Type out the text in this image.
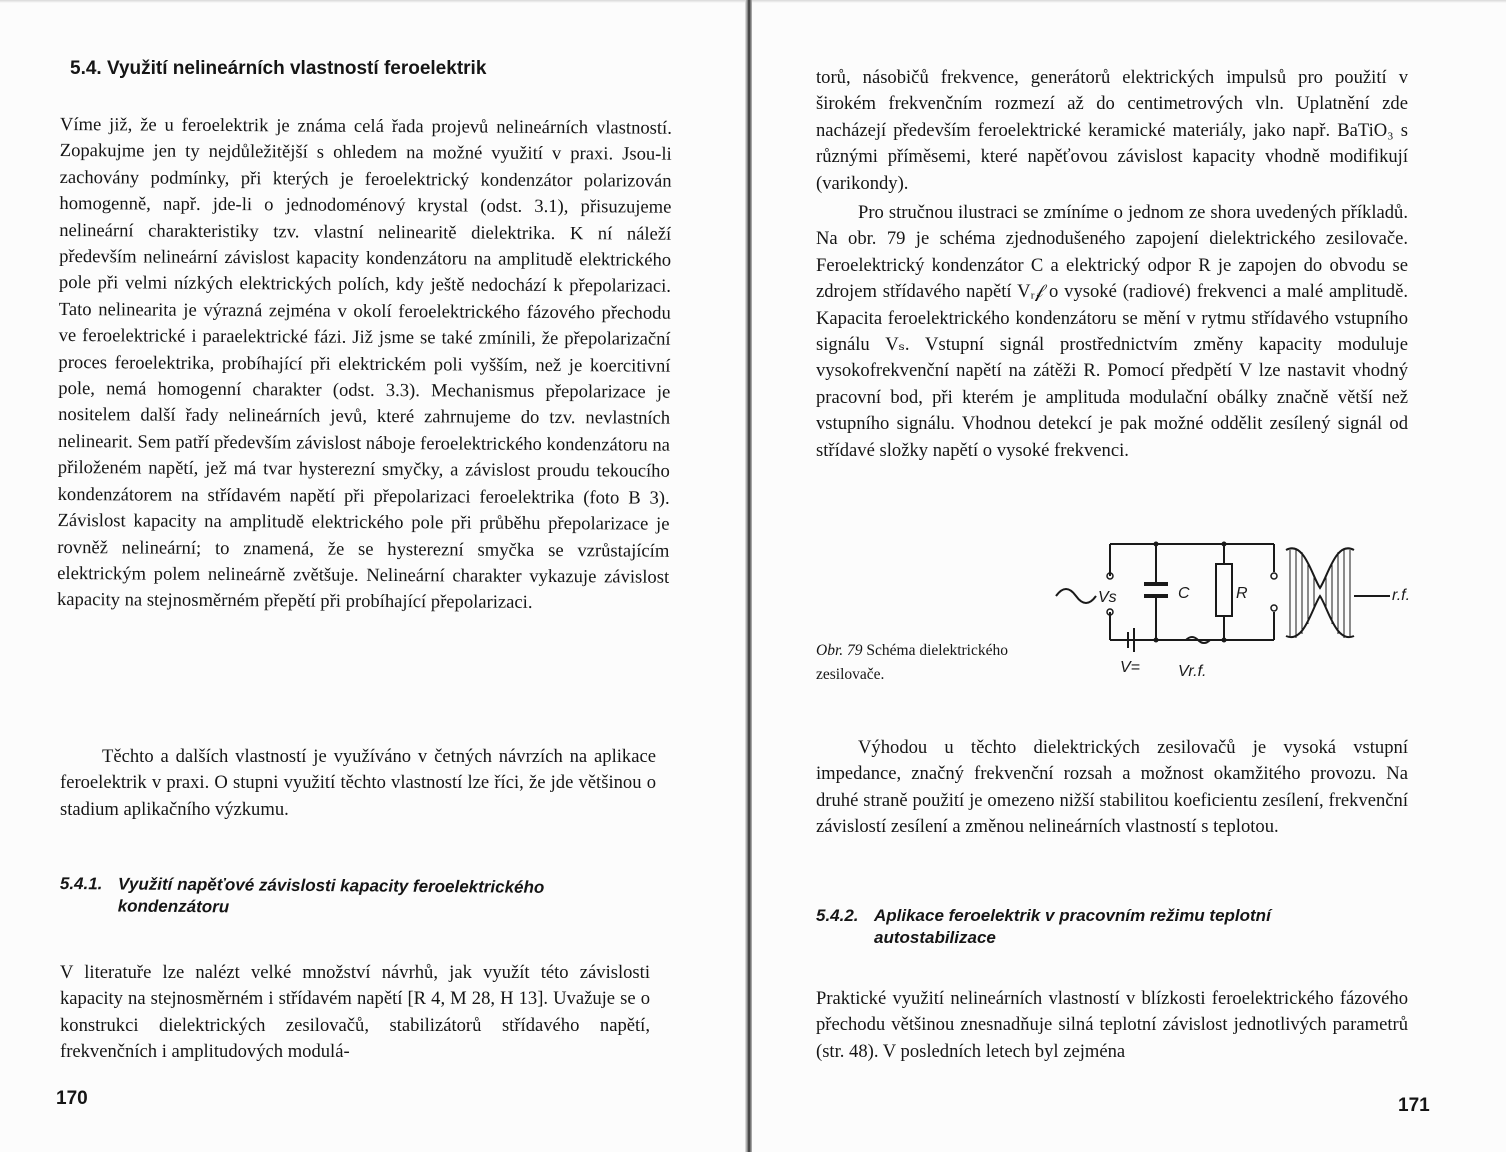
5.4. Využití nelineárních vlastností feroelektrik

Víme již, že u feroelektrik je známa celá řada projevů nelineárních vlastností. Zopakujme jen ty nejdůležitější s ohledem na možné využití v praxi. Jsou-li zachovány podmínky, při kterých je feroelektrický kondenzátor polarizován homogenně, např. jde-li o jednodoménový krystal (odst. 3.1), přisuzujeme nelineární charakteristiky tzv. vlastní nelinearitě dielektrika. K ní náleží především nelineární závislost kapacity kondenzátoru na amplitudě elektrického pole při velmi nízkých elektrických polích, kdy ještě nedochází k přepolarizaci. Tato nelinearita je výrazná zejména v okolí feroelektrického fázového přechodu ve feroelektrické i paraelektrické fázi. Již jsme se také zmínili, že přepolarizační proces feroelektrika, probíhající při elektrickém poli vyšším, než je koercitivní pole, nemá homogenní charakter (odst. 3.3). Mechanismus přepolarizace je nositelem další řady nelineárních jevů, které zahrnujeme do tzv. nevlastních nelinearit. Sem patří především závislost náboje feroelektrického kondenzátoru na přiloženém napětí, jež má tvar hysterezní smyčky, a závislost proudu tekoucího kondenzátorem na střídavém napětí při přepolarizaci feroelektrika (foto B 3). Závislost kapacity na amplitudě elektrického pole při průběhu přepolarizace je rovněž nelineární; to znamená, že se hysterezní smyčka se vzrůstajícím elektrickým polem nelineárně zvětšuje. Nelineární charakter vykazuje závislost kapacity na stejnosměrném přepětí při probíhající přepolarizaci.

Těchto a dalších vlastností je využíváno v četných návrzích na aplikace feroelektrik v praxi. O stupni využití těchto vlastností lze říci, že jde většinou o stadium aplikačního výzkumu.

5.4.1. Využití napěťové závislosti kapacity feroelektrického
kondenzátoru

V literatuře lze nalézt velké množství návrhů, jak využít této závislosti kapacity na stejnosměrném i střídavém napětí [R 4, M 28, H 13]. Uvažuje se o konstrukci dielektrických zesilovačů, stabilizátorů střídavého napětí, frekvenčních i amplitudových modulá-

170

torů, násobičů frekvence, generátorů elektrických impulsů pro použití v širokém frekvenčním rozmezí až do centimetrových vln. Uplatnění zde nacházejí především feroelektrické keramické materiály, jako např. BaTiO₃ s různými příměsemi, které napěťovou závislost kapacity vhodně modifikují (varikondy).

Pro stručnou ilustraci se zmíníme o jednom ze shora uvedených příkladů. Na obr. 79 je schéma zjednodušeného zapojení dielektrického zesilovače. Feroelektrický kondenzátor C a elektrický odpor R je zapojen do obvodu se zdrojem střídavého napětí Vᵣ𝒻 o vysoké (radiové) frekvenci a malé amplitudě. Kapacita feroelektrického kondenzátoru se mění v rytmu střídavého vstupního signálu Vₛ. Vstupní signál prostřednictvím změny kapacity moduluje vysokofrekvenční napětí na zátěži R. Pomocí předpětí V lze nastavit vhodný pracovní bod, při kterém je amplituda modulační obálky značně větší než vstupního signálu. Vhodnou detekcí je pak možné oddělit zesílený signál od střídavé složky napětí o vysoké frekvenci.

Vs	C	R
V= Vr.f.
r.f.

Obr. 79 Schéma dielektrického zesilovače.

Výhodou u těchto dielektrických zesilovačů je vysoká vstupní impedance, značný frekvenční rozsah a možnost okamžitého provozu. Na druhé straně použití je omezeno nižší stabilitou koeficientu zesílení, frekvenční závislostí zesílení a změnou nelineárních vlastností s teplotou.

5.4.2. Aplikace feroelektrik v pracovním režimu teplotní
autostabilizace

Praktické využití nelineárních vlastností v blízkosti feroelektrického fázového přechodu většinou znesnadňuje silná teplotní závislost jednotlivých parametrů (str. 48). V posledních letech byl zejména

171
